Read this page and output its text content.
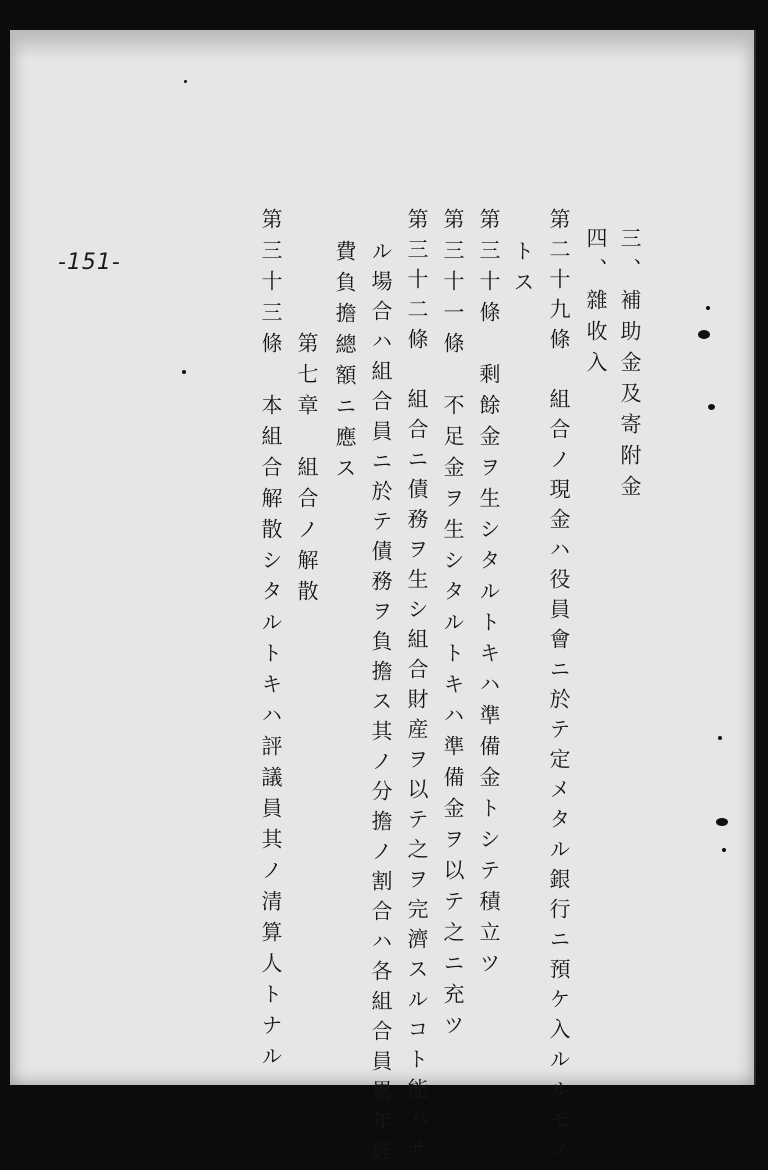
-151-	三、補助金及寄附金
四、雜收入
第二十九條　組合ノ現金ハ役員會ニ於テ定メタル銀行ニ預ケ入ルルモノ
トス
第三十條　剩餘金ヲ生シタルトキハ準備金トシテ積立ツ
第三十一條　不足金ヲ生シタルトキハ準備金ヲ以テ之ニ充ツ
第三十二條　組合ニ債務ヲ生シ組合財産ヲ以テ之ヲ完濟スルコト能ハサ
ル場合ハ組合員ニ於テ債務ヲ負擔ス其ノ分擔ノ割合ハ各組合員累年經
費負擔總額ニ應ス
第七章　組合ノ解散
第三十三條　本組合解散シタルトキハ評議員其ノ清算人トナル
